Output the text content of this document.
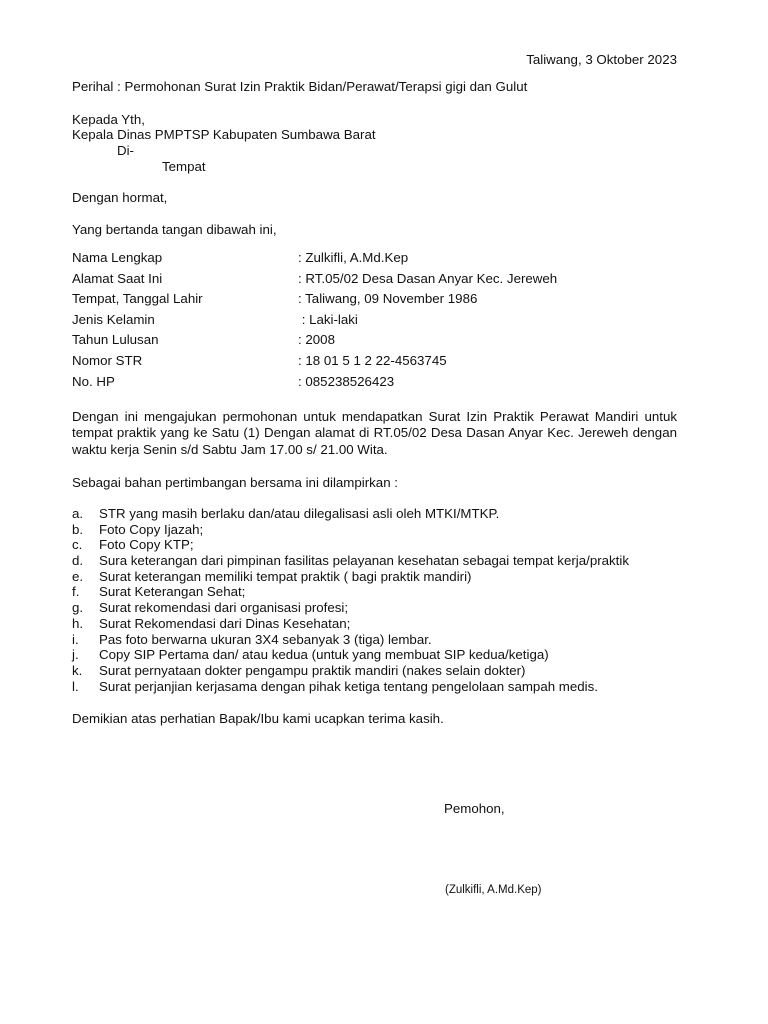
Taliwang, 3 Oktober 2023
Perihal : Permohonan Surat Izin Praktik Bidan/Perawat/Terapsi gigi dan Gulut
Kepada Yth,
Kepala Dinas PMPTSP Kabupaten Sumbawa Barat
Di-
Tempat
Dengan hormat,
Yang bertanda tangan dibawah ini,
Nama Lengkap	: Zulkifli, A.Md.Kep
Alamat Saat Ini	: RT.05/02 Desa Dasan Anyar Kec. Jereweh
Tempat, Tanggal Lahir	: Taliwang, 09 November 1986
Jenis Kelamin	: Laki-laki
Tahun Lulusan	: 2008
Nomor STR	: 18 01 5 1 2 22-4563745
No. HP	: 085238526423
Dengan ini mengajukan permohonan untuk mendapatkan Surat Izin Praktik Perawat Mandiri untuk tempat praktik yang ke Satu (1) Dengan alamat di RT.05/02 Desa Dasan Anyar Kec. Jereweh dengan waktu kerja Senin s/d Sabtu Jam 17.00 s/ 21.00 Wita.
Sebagai bahan pertimbangan bersama ini dilampirkan :
a.	STR yang masih berlaku dan/atau dilegalisasi asli oleh MTKI/MTKP.
b.	Foto Copy Ijazah;
c.	Foto Copy KTP;
d.	Sura keterangan dari pimpinan fasilitas pelayanan kesehatan sebagai tempat kerja/praktik
e.	Surat keterangan memiliki tempat praktik ( bagi praktik mandiri)
f.	Surat Keterangan Sehat;
g.	Surat rekomendasi dari organisasi profesi;
h.	Surat Rekomendasi dari Dinas Kesehatan;
i.	Pas foto berwarna ukuran 3X4 sebanyak 3 (tiga) lembar.
j.	Copy SIP Pertama dan/ atau kedua (untuk yang membuat SIP kedua/ketiga)
k.	Surat pernyataan dokter pengampu praktik mandiri (nakes selain dokter)
l.	Surat perjanjian kerjasama dengan pihak ketiga tentang pengelolaan sampah medis.
Demikian atas perhatian Bapak/Ibu kami ucapkan terima kasih.
Pemohon,
(Zulkifli, A.Md.Kep)
